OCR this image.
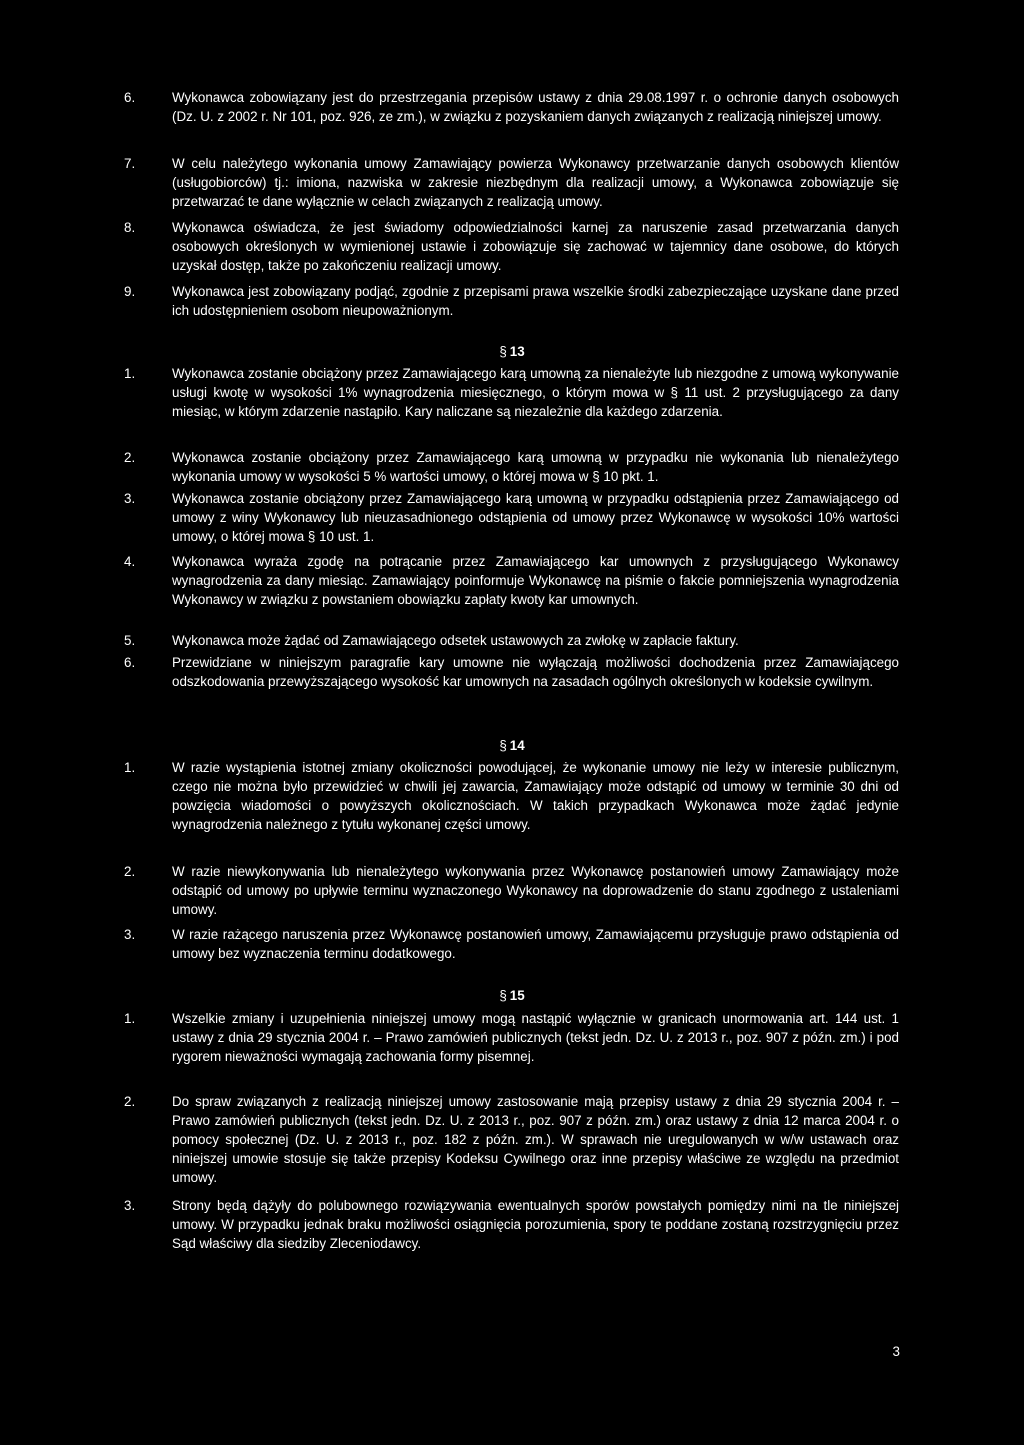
6.	Wykonawca zobowiązany jest do przestrzegania przepisów ustawy z dnia 29.08.1997 r. o ochronie danych osobowych (Dz. U. z 2002 r. Nr 101, poz. 926, ze zm.), w związku z pozyskaniem danych związanych z realizacją niniejszej umowy.
7.	W celu należytego wykonania umowy Zamawiający powierza Wykonawcy przetwarzanie danych osobowych klientów (usługobiorców) tj.: imiona, nazwiska w zakresie niezbędnym dla realizacji umowy, a Wykonawca zobowiązuje się przetwarzać te dane wyłącznie w celach związanych z realizacją umowy.
8.	Wykonawca oświadcza, że jest świadomy odpowiedzialności karnej za naruszenie zasad przetwarzania danych osobowych określonych w wymienionej ustawie i zobowiązuje się zachować w tajemnicy dane osobowe, do których uzyskał dostęp, także po zakończeniu realizacji umowy.
9.	Wykonawca jest zobowiązany podjąć, zgodnie z przepisami prawa wszelkie środki zabezpieczające uzyskane dane przed ich udostępnieniem osobom nieupoważnionym.
§ 13
1.	Wykonawca zostanie obciążony przez Zamawiającego karą umowną za nienależyte lub niezgodne z umową wykonywanie usługi kwotę w wysokości 1% wynagrodzenia miesięcznego, o którym mowa w § 11 ust. 2 przysługującego za dany miesiąc, w którym zdarzenie nastąpiło. Kary naliczane są niezależnie dla każdego zdarzenia.
2.	Wykonawca zostanie obciążony przez Zamawiającego karą umowną w przypadku nie wykonania lub nienależytego wykonania umowy w wysokości 5 % wartości umowy, o której mowa w § 10 pkt. 1.
3.	Wykonawca zostanie obciążony przez Zamawiającego karą umowną w przypadku odstąpienia przez Zamawiającego od umowy z winy Wykonawcy lub nieuzasadnionego odstąpienia od umowy przez Wykonawcę w wysokości 10% wartości umowy, o której mowa § 10 ust. 1.
4.	Wykonawca wyraża zgodę na potrącanie przez Zamawiającego kar umownych z przysługującego Wykonawcy wynagrodzenia za dany miesiąc. Zamawiający poinformuje Wykonawcę na piśmie o fakcie pomniejszenia wynagrodzenia Wykonawcy w związku z powstaniem obowiązku zapłaty kwoty kar umownych.
5.	Wykonawca może żądać od Zamawiającego odsetek ustawowych za zwłokę w zapłacie faktury.
6.	Przewidziane w niniejszym paragrafie kary umowne nie wyłączają możliwości dochodzenia przez Zamawiającego odszkodowania przewyższającego wysokość kar umownych na zasadach ogólnych określonych w kodeksie cywilnym.
§ 14
1.	W razie wystąpienia istotnej zmiany okoliczności powodującej, że wykonanie umowy nie leży w interesie publicznym, czego nie można było przewidzieć w chwili jej zawarcia, Zamawiający może odstąpić od umowy w terminie 30 dni od powzięcia wiadomości o powyższych okolicznościach. W takich przypadkach Wykonawca może żądać jedynie wynagrodzenia należnego z tytułu wykonanej części umowy.
2.	W razie niewykonywania lub nienależytego wykonywania przez Wykonawcę postanowień umowy Zamawiający może odstąpić od umowy po upływie terminu wyznaczonego Wykonawcy na doprowadzenie do stanu zgodnego z ustaleniami umowy.
3.	W razie rażącego naruszenia przez Wykonawcę postanowień umowy, Zamawiającemu przysługuje prawo odstąpienia od umowy bez wyznaczenia terminu dodatkowego.
§ 15
1.	Wszelkie zmiany i uzupełnienia niniejszej umowy mogą nastąpić wyłącznie w granicach unormowania art. 144 ust. 1 ustawy z dnia 29 stycznia 2004 r. – Prawo zamówień publicznych (tekst jedn. Dz. U. z 2013 r., poz. 907 z późn. zm.) i pod rygorem nieważności wymagają zachowania formy pisemnej.
2.	Do spraw związanych z realizacją niniejszej umowy zastosowanie mają przepisy ustawy z dnia 29 stycznia 2004 r. – Prawo zamówień publicznych (tekst jedn. Dz. U. z 2013 r., poz. 907 z późn. zm.) oraz ustawy z dnia 12 marca 2004 r. o pomocy społecznej (Dz. U. z 2013 r., poz. 182 z późn. zm.). W sprawach nie uregulowanych w w/w ustawach oraz niniejszej umowie stosuje się także przepisy Kodeksu Cywilnego oraz inne przepisy właściwe ze względu na przedmiot umowy.
3.	Strony będą dążyły do polubownego rozwiązywania ewentualnych sporów powstałych pomiędzy nimi na tle niniejszej umowy. W przypadku jednak braku możliwości osiągnięcia porozumienia, spory te poddane zostaną rozstrzygnięciu przez Sąd właściwy dla siedziby Zleceniodawcy.
3
